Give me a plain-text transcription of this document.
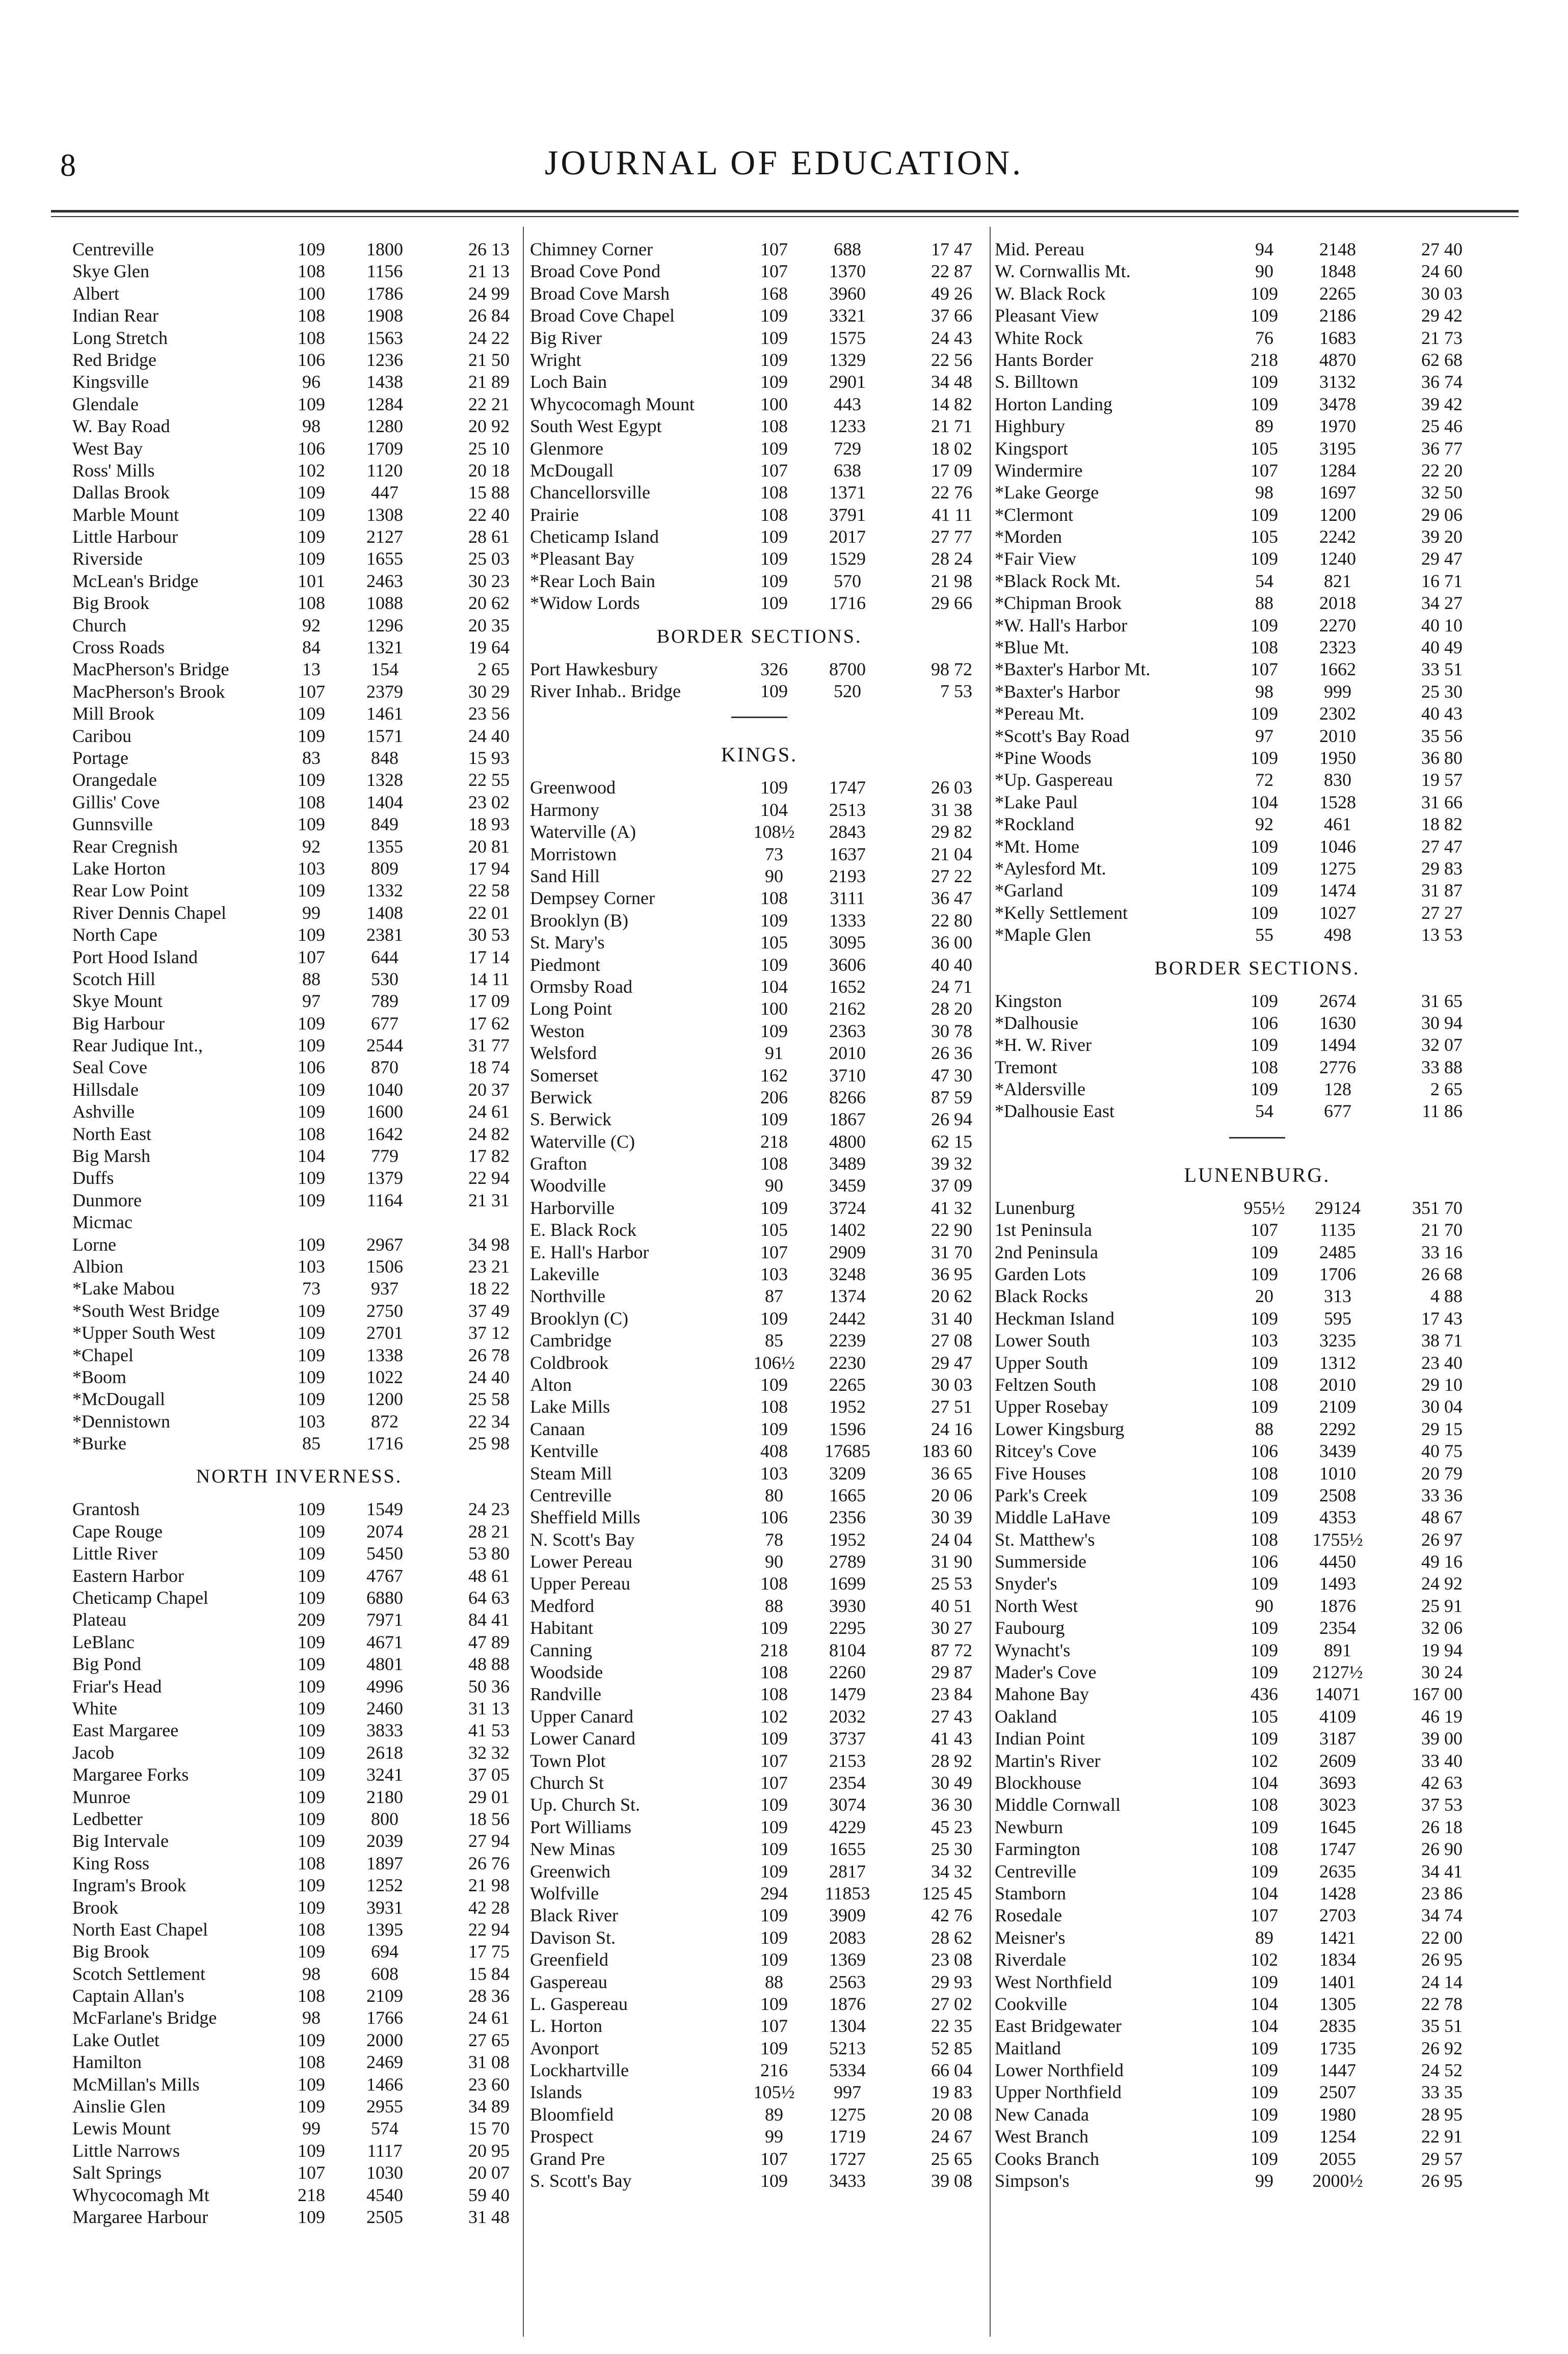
8	JOURNAL OF EDUCATION.
Centreville	109	1800	26 13
Skye Glen	108	1156	21 13
Albert	100	1786	24 99
Indian Rear	108	1908	26 84
Long Stretch	108	1563	24 22
Red Bridge	106	1236	21 50
Kingsville	96	1438	21 89
Glendale	109	1284	22 21
W. Bay Road	98	1280	20 92
West Bay	106	1709	25 10
Ross' Mills	102	1120	20 18
Dallas Brook	109	447	15 88
Marble Mount	109	1308	22 40
Little Harbour	109	2127	28 61
Riverside	109	1655	25 03
McLean's Bridge	101	2463	30 23
Big Brook	108	1088	20 62
Church	92	1296	20 35
Cross Roads	84	1321	19 64
MacPherson's Bridge	13	154	2 65
MacPherson's Brook	107	2379	30 29
Mill Brook	109	1461	23 56
Caribou	109	1571	24 40
Portage	83	848	15 93
Orangedale	109	1328	22 55
Gillis' Cove	108	1404	23 02
Gunnsville	109	849	18 93
Rear Cregnish	92	1355	20 81
Lake Horton	103	809	17 94
Rear Low Point	109	1332	22 58
River Dennis Chapel	99	1408	22 01
North Cape	109	2381	30 53
Port Hood Island	107	644	17 14
Scotch Hill	88	530	14 11
Skye Mount	97	789	17 09
Big Harbour	109	677	17 62
Rear Judique Int.,	109	2544	31 77
Seal Cove	106	870	18 74
Hillsdale	109	1040	20 37
Ashville	109	1600	24 61
North East	108	1642	24 82
Big Marsh	104	779	17 82
Duffs	109	1379	22 94
Dunmore	109	1164	21 31
Micmac
Lorne	109	2967	34 98
Albion	103	1506	23 21
*Lake Mabou	73	937	18 22
*South West Bridge	109	2750	37 49
*Upper South West	109	2701	37 12
*Chapel	109	1338	26 78
*Boom	109	1022	24 40
*McDougall	109	1200	25 58
*Dennistown	103	872	22 34
*Burke	85	1716	25 98
NORTH INVERNESS.
Grantosh	109	1549	24 23
Cape Rouge	109	2074	28 21
Little River	109	5450	53 80
Eastern Harbor	109	4767	48 61
Cheticamp Chapel	109	6880	64 63
Plateau	209	7971	84 41
LeBlanc	109	4671	47 89
Big Pond	109	4801	48 88
Friar's Head	109	4996	50 36
White	109	2460	31 13
East Margaree	109	3833	41 53
Jacob	109	2618	32 32
Margaree Forks	109	3241	37 05
Munroe	109	2180	29 01
Ledbetter	109	800	18 56
Big Intervale	109	2039	27 94
King Ross	108	1897	26 76
Ingram's Brook	109	1252	21 98
Brook	109	3931	42 28
North East Chapel	108	1395	22 94
Big Brook	109	694	17 75
Scotch Settlement	98	608	15 84
Captain Allan's	108	2109	28 36
McFarlane's Bridge	98	1766	24 61
Lake Outlet	109	2000	27 65
Hamilton	108	2469	31 08
McMillan's Mills	109	1466	23 60
Ainslie Glen	109	2955	34 89
Lewis Mount	99	574	15 70
Little Narrows	109	1117	20 95
Salt Springs	107	1030	20 07
Whycocomagh Mt	218	4540	59 40
Margaree Harbour	109	2505	31 48
Chimney Corner	107	688	17 47
Broad Cove Pond	107	1370	22 87
Broad Cove Marsh	168	3960	49 26
Broad Cove Chapel	109	3321	37 66
Big River	109	1575	24 43
Wright	109	1329	22 56
Loch Bain	109	2901	34 48
Whycocomagh Mount	100	443	14 82
South West Egypt	108	1233	21 71
Glenmore	109	729	18 02
McDougall	107	638	17 09
Chancellorsville	108	1371	22 76
Prairie	108	3791	41 11
Cheticamp Island	109	2017	27 77
*Pleasant Bay	109	1529	28 24
*Rear Loch Bain	109	570	21 98
*Widow Lords	109	1716	29 66
BORDER SECTIONS.
Port Hawkesbury	326	8700	98 72
River Inhab.. Bridge	109	520	7 53
KINGS.
Greenwood	109	1747	26 03
Harmony	104	2513	31 38
Waterville (A)	108½	2843	29 82
Morristown	73	1637	21 04
Sand Hill	90	2193	27 22
Dempsey Corner	108	3111	36 47
Brooklyn (B)	109	1333	22 80
St. Mary's	105	3095	36 00
Piedmont	109	3606	40 40
Ormsby Road	104	1652	24 71
Long Point	100	2162	28 20
Weston	109	2363	30 78
Welsford	91	2010	26 36
Somerset	162	3710	47 30
Berwick	206	8266	87 59
S. Berwick	109	1867	26 94
Waterville (C)	218	4800	62 15
Grafton	108	3489	39 32
Woodville	90	3459	37 09
Harborville	109	3724	41 32
E. Black Rock	105	1402	22 90
E. Hall's Harbor	107	2909	31 70
Lakeville	103	3248	36 95
Northville	87	1374	20 62
Brooklyn (C)	109	2442	31 40
Cambridge	85	2239	27 08
Coldbrook	106½	2230	29 47
Alton	109	2265	30 03
Lake Mills	108	1952	27 51
Canaan	109	1596	24 16
Kentville	408	17685	183 60
Steam Mill	103	3209	36 65
Centreville	80	1665	20 06
Sheffield Mills	106	2356	30 39
N. Scott's Bay	78	1952	24 04
Lower Pereau	90	2789	31 90
Upper Pereau	108	1699	25 53
Medford	88	3930	40 51
Habitant	109	2295	30 27
Canning	218	8104	87 72
Woodside	108	2260	29 87
Randville	108	1479	23 84
Upper Canard	102	2032	27 43
Lower Canard	109	3737	41 43
Town Plot	107	2153	28 92
Church St	107	2354	30 49
Up. Church St.	109	3074	36 30
Port Williams	109	4229	45 23
New Minas	109	1655	25 30
Greenwich	109	2817	34 32
Wolfville	294	11853	125 45
Black River	109	3909	42 76
Davison St.	109	2083	28 62
Greenfield	109	1369	23 08
Gaspereau	88	2563	29 93
L. Gaspereau	109	1876	27 02
L. Horton	107	1304	22 35
Avonport	109	5213	52 85
Lockhartville	216	5334	66 04
Islands	105½	997	19 83
Bloomfield	89	1275	20 08
Prospect	99	1719	24 67
Grand Pre	107	1727	25 65
S. Scott's Bay	109	3433	39 08
Mid. Pereau	94	2148	27 40
W. Cornwallis Mt.	90	1848	24 60
W. Black Rock	109	2265	30 03
Pleasant View	109	2186	29 42
White Rock	76	1683	21 73
Hants Border	218	4870	62 68
S. Billtown	109	3132	36 74
Horton Landing	109	3478	39 42
Highbury	89	1970	25 46
Kingsport	105	3195	36 77
Windermire	107	1284	22 20
*Lake George	98	1697	32 50
*Clermont	109	1200	29 06
*Morden	105	2242	39 20
*Fair View	109	1240	29 47
*Black Rock Mt.	54	821	16 71
*Chipman Brook	88	2018	34 27
*W. Hall's Harbor	109	2270	40 10
*Blue Mt.	108	2323	40 49
*Baxter's Harbor Mt.	107	1662	33 51
*Baxter's Harbor	98	999	25 30
*Pereau Mt.	109	2302	40 43
*Scott's Bay Road	97	2010	35 56
*Pine Woods	109	1950	36 80
*Up. Gaspereau	72	830	19 57
*Lake Paul	104	1528	31 66
*Rockland	92	461	18 82
*Mt. Home	109	1046	27 47
*Aylesford Mt.	109	1275	29 83
*Garland	109	1474	31 87
*Kelly Settlement	109	1027	27 27
*Maple Glen	55	498	13 53
BORDER SECTIONS.
Kingston	109	2674	31 65
*Dalhousie	106	1630	30 94
*H. W. River	109	1494	32 07
Tremont	108	2776	33 88
*Aldersville	109	128	2 65
*Dalhousie East	54	677	11 86
LUNENBURG.
Lunenburg	955½	29124	351 70
1st Peninsula	107	1135	21 70
2nd Peninsula	109	2485	33 16
Garden Lots	109	1706	26 68
Black Rocks	20	313	4 88
Heckman Island	109	595	17 43
Lower South	103	3235	38 71
Upper South	109	1312	23 40
Feltzen South	108	2010	29 10
Upper Rosebay	109	2109	30 04
Lower Kingsburg	88	2292	29 15
Ritcey's Cove	106	3439	40 75
Five Houses	108	1010	20 79
Park's Creek	109	2508	33 36
Middle LaHave	109	4353	48 67
St. Matthew's	108	1755½	26 97
Summerside	106	4450	49 16
Snyder's	109	1493	24 92
North West	90	1876	25 91
Faubourg	109	2354	32 06
Wynacht's	109	891	19 94
Mader's Cove	109	2127½	30 24
Mahone Bay	436	14071	167 00
Oakland	105	4109	46 19
Indian Point	109	3187	39 00
Martin's River	102	2609	33 40
Blockhouse	104	3693	42 63
Middle Cornwall	108	3023	37 53
Newburn	109	1645	26 18
Farmington	108	1747	26 90
Centreville	109	2635	34 41
Stamborn	104	1428	23 86
Rosedale	107	2703	34 74
Meisner's	89	1421	22 00
Riverdale	102	1834	26 95
West Northfield	109	1401	24 14
Cookville	104	1305	22 78
East Bridgewater	104	2835	35 51
Maitland	109	1735	26 92
Lower Northfield	109	1447	24 52
Upper Northfield	109	2507	33 35
New Canada	109	1980	28 95
West Branch	109	1254	22 91
Cooks Branch	109	2055	29 57
Simpson's	99	2000½	26 95
